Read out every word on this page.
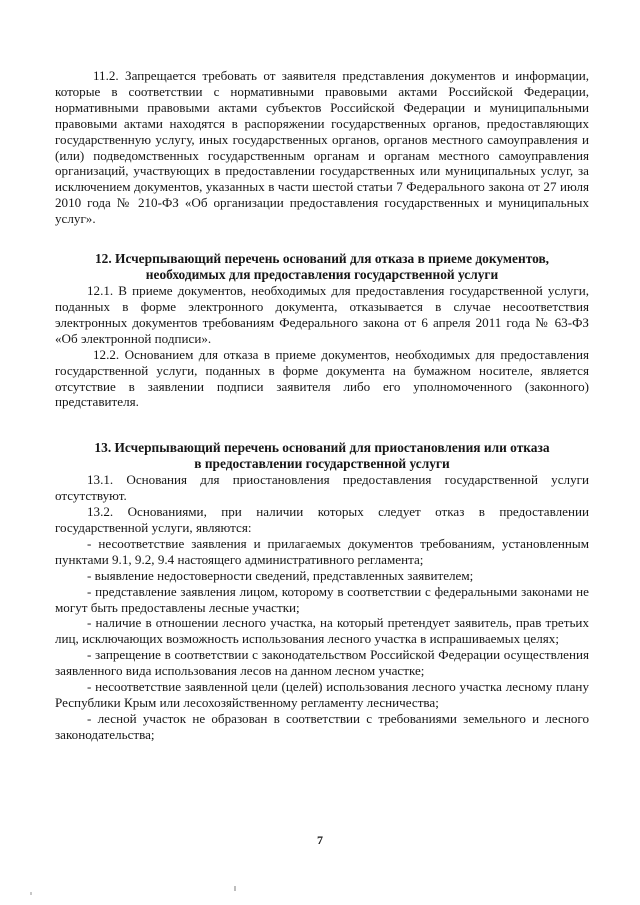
11.2. Запрещается требовать от заявителя представления документов и информации, которые в соответствии с нормативными правовыми актами Российской Федерации, нормативными правовыми актами субъектов Российской Федерации и муниципальными правовыми актами находятся в распоряжении государственных органов, предоставляющих государственную услугу, иных государственных органов, органов местного самоуправления и (или) подведомственных государственным органам и органам местного самоуправления организаций, участвующих в предоставлении государственных или муниципальных услуг, за исключением документов, указанных в части шестой статьи 7 Федерального закона от 27 июля 2010 года № 210-ФЗ «Об организации предоставления государственных и муниципальных услуг».

12. Исчерпывающий перечень оснований для отказа в приеме документов,
необходимых для предоставления государственной услуги

12.1. В приеме документов, необходимых для предоставления государственной услуги, поданных в форме электронного документа, отказывается в случае несоответствия электронных документов требованиям Федерального закона от 6 апреля 2011 года № 63-ФЗ «Об электронной подписи».

12.2. Основанием для отказа в приеме документов, необходимых для предоставления государственной услуги, поданных в форме документа на бумажном носителе, является отсутствие в заявлении подписи заявителя либо его уполномоченного (законного) представителя.

13. Исчерпывающий перечень оснований для приостановления или отказа
в предоставлении государственной услуги

13.1. Основания для приостановления предоставления государственной услуги отсутствуют.

13.2. Основаниями, при наличии которых следует отказ в предоставлении государственной услуги, являются:

- несоответствие заявления и прилагаемых документов требованиям, установленным пунктами 9.1, 9.2, 9.4 настоящего административного регламента;

- выявление недостоверности сведений, представленных заявителем;

- представление заявления лицом, которому в соответствии с федеральными законами не могут быть предоставлены лесные участки;

- наличие в отношении лесного участка, на который претендует заявитель, прав третьих лиц, исключающих возможность использования лесного участка в испрашиваемых целях;

- запрещение в соответствии с законодательством Российской Федерации осуществления заявленного вида использования лесов на данном лесном участке;

- несоответствие заявленной цели (целей) использования лесного участка лесному плану Республики Крым или лесохозяйственному регламенту лесничества;

- лесной участок не образован в соответствии с требованиями земельного и лесного законодательства;

7
